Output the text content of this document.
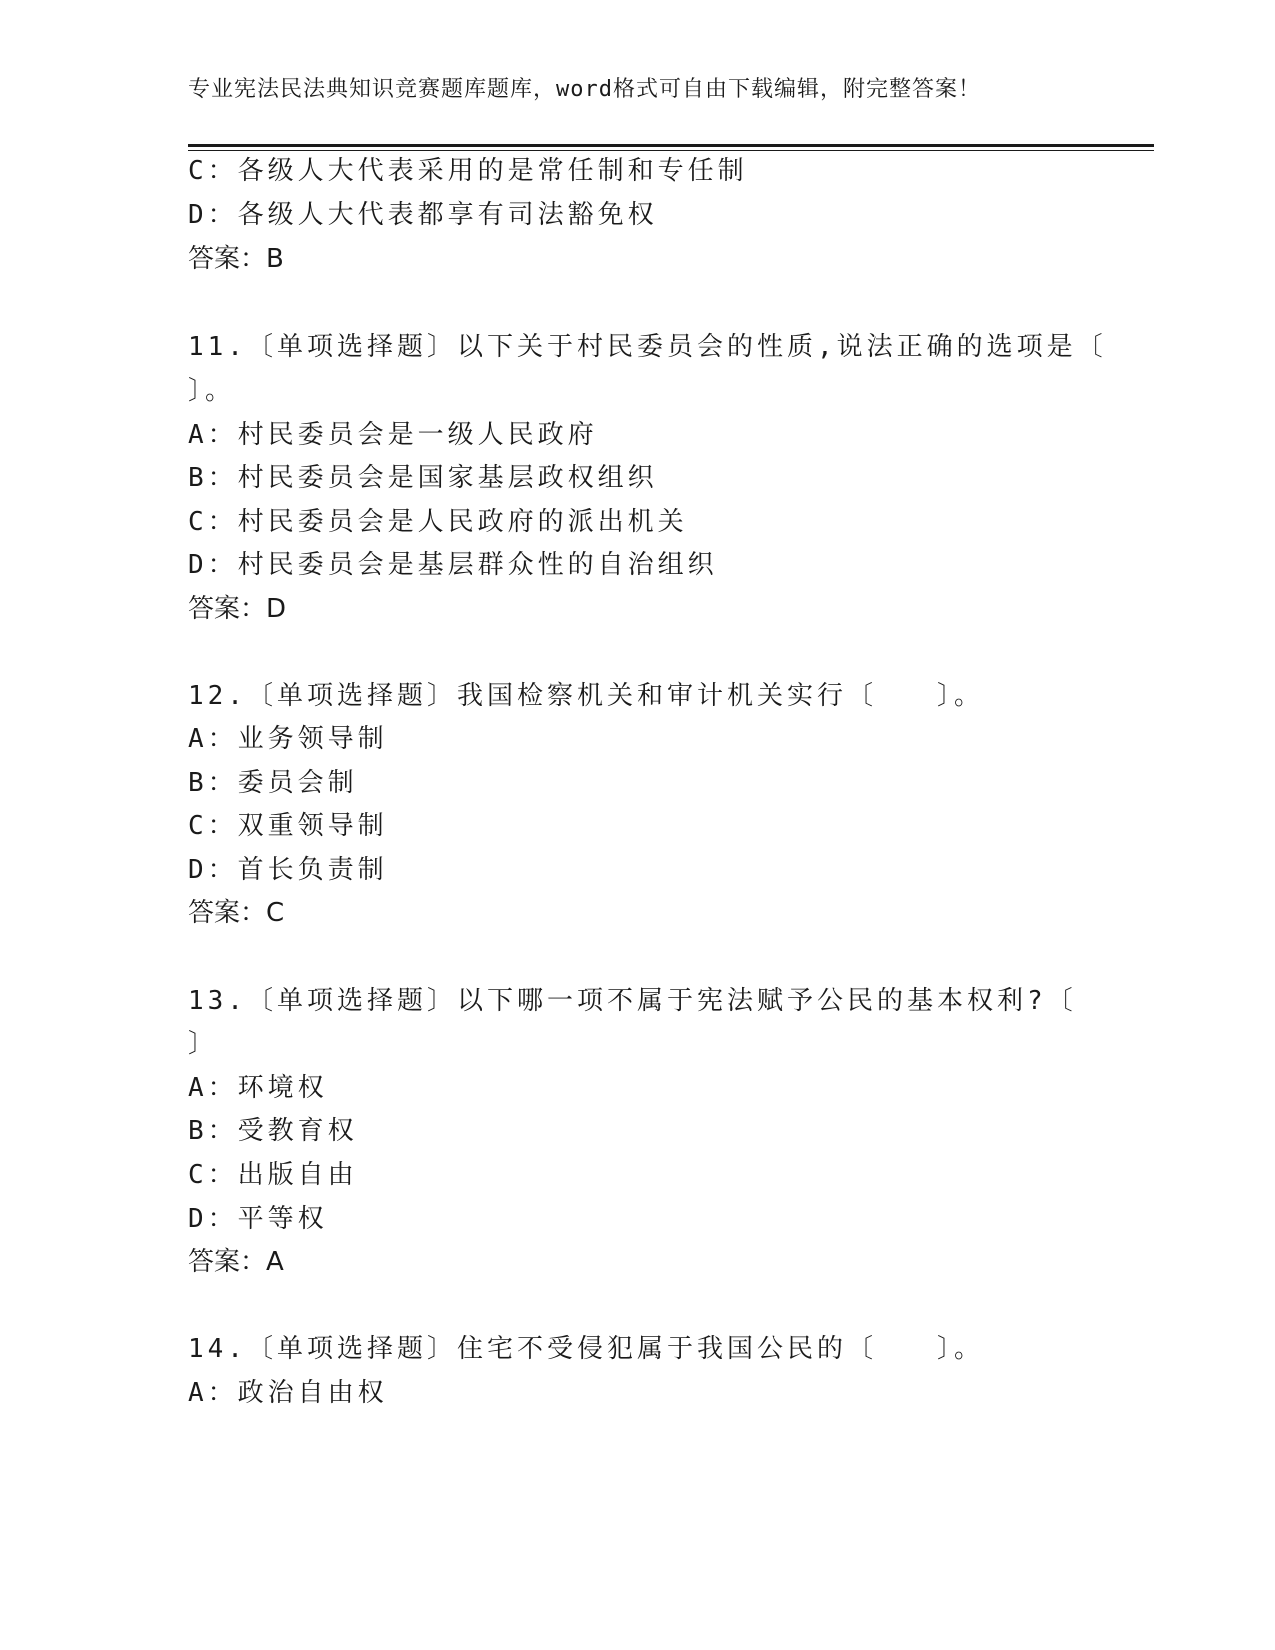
专业宪法民法典知识竞赛题库题库，word格式可自由下载编辑，附完整答案！
C：各级人大代表采用的是常任制和专任制
D：各级人大代表都享有司法豁免权
答案：B
11.〔单项选择题〕以下关于村民委员会的性质,说法正确的选项是〔
〕。
A：村民委员会是一级人民政府
B：村民委员会是国家基层政权组织
C：村民委员会是人民政府的派出机关
D：村民委员会是基层群众性的自治组织
答案：D
12.〔单项选择题〕我国检察机关和审计机关实行〔　　〕。
A：业务领导制
B：委员会制
C：双重领导制
D：首长负责制
答案：C
13.〔单项选择题〕以下哪一项不属于宪法赋予公民的基本权利?〔
〕
A：环境权
B：受教育权
C：出版自由
D：平等权
答案：A
14.〔单项选择题〕住宅不受侵犯属于我国公民的〔　　〕。
A：政治自由权
